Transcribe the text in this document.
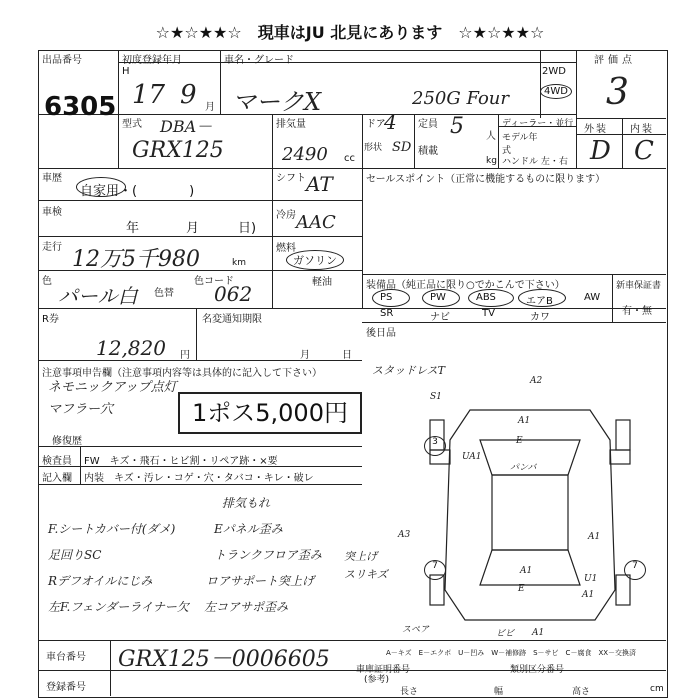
☆★☆★★☆　現車はJU 北見にあります　☆★☆★★☆
出品番号
6305
初度登録年月
H
17 9 月
車名・グレード
マークX	250G Four
2WD
4WD
評価点
3
外装 内装
D C
型式 DBA－
GRX125
排気量
2490 cc
ドア
4
形状 SD
定員 5 人
積載
kg
ディーラー・並行
モデル年式
ハンドル 左・右
車歴
自家用・(　　　　)
車検
年	月	日)
走行 12万5千980	km
色
パール白 色替
色コード
062
シフト AT
冷房 AAC
燃料
ガソリン
軽油
セールスポイント（正常に機能するものに限ります）
装備品（純正品に限り○でかこんで下さい）	新車保証書
有・無
PS	PW	ABS	エアB	AW
SR	ナビ	TV	カワ
R券
12,820 円
名変通知期限
月	日
後日品
注意事項申告欄（注意事項内容等は具体的に記入して下さい）
ネモニックアップ点灯
マフラー穴	1ポス5,000円
修復歴
検査員
記入欄
FW　キズ・飛石・ヒビ割・リペア跡・×要
内装　キズ・汚レ・コゲ・穴・タバコ・キレ・破レ
F.シートカバー付(ダメ)
足回りSC
Rデフオイルにじみ
左F.フェンダーライナー欠
排気もれ
Eパネル歪み
トランクフロア歪み
ロアサポート突上げ
左コアサポ歪み
突上げ
スリキズ
スタッドレスT
S1
A2
A1
E
UA1
パンバ
3
A3	A1
7	A1
E
U1
A1
7
A1
ビビ
スペア
A－キズ　E－エクボ　U－凹み　W－補修跡　S－サビ　C－腐食　XX－交換済
車台番号 GRX125－0006605
登録番号
車庫証明番号
(参考)
類別区分番号
長さ	幅	高さ	cm
